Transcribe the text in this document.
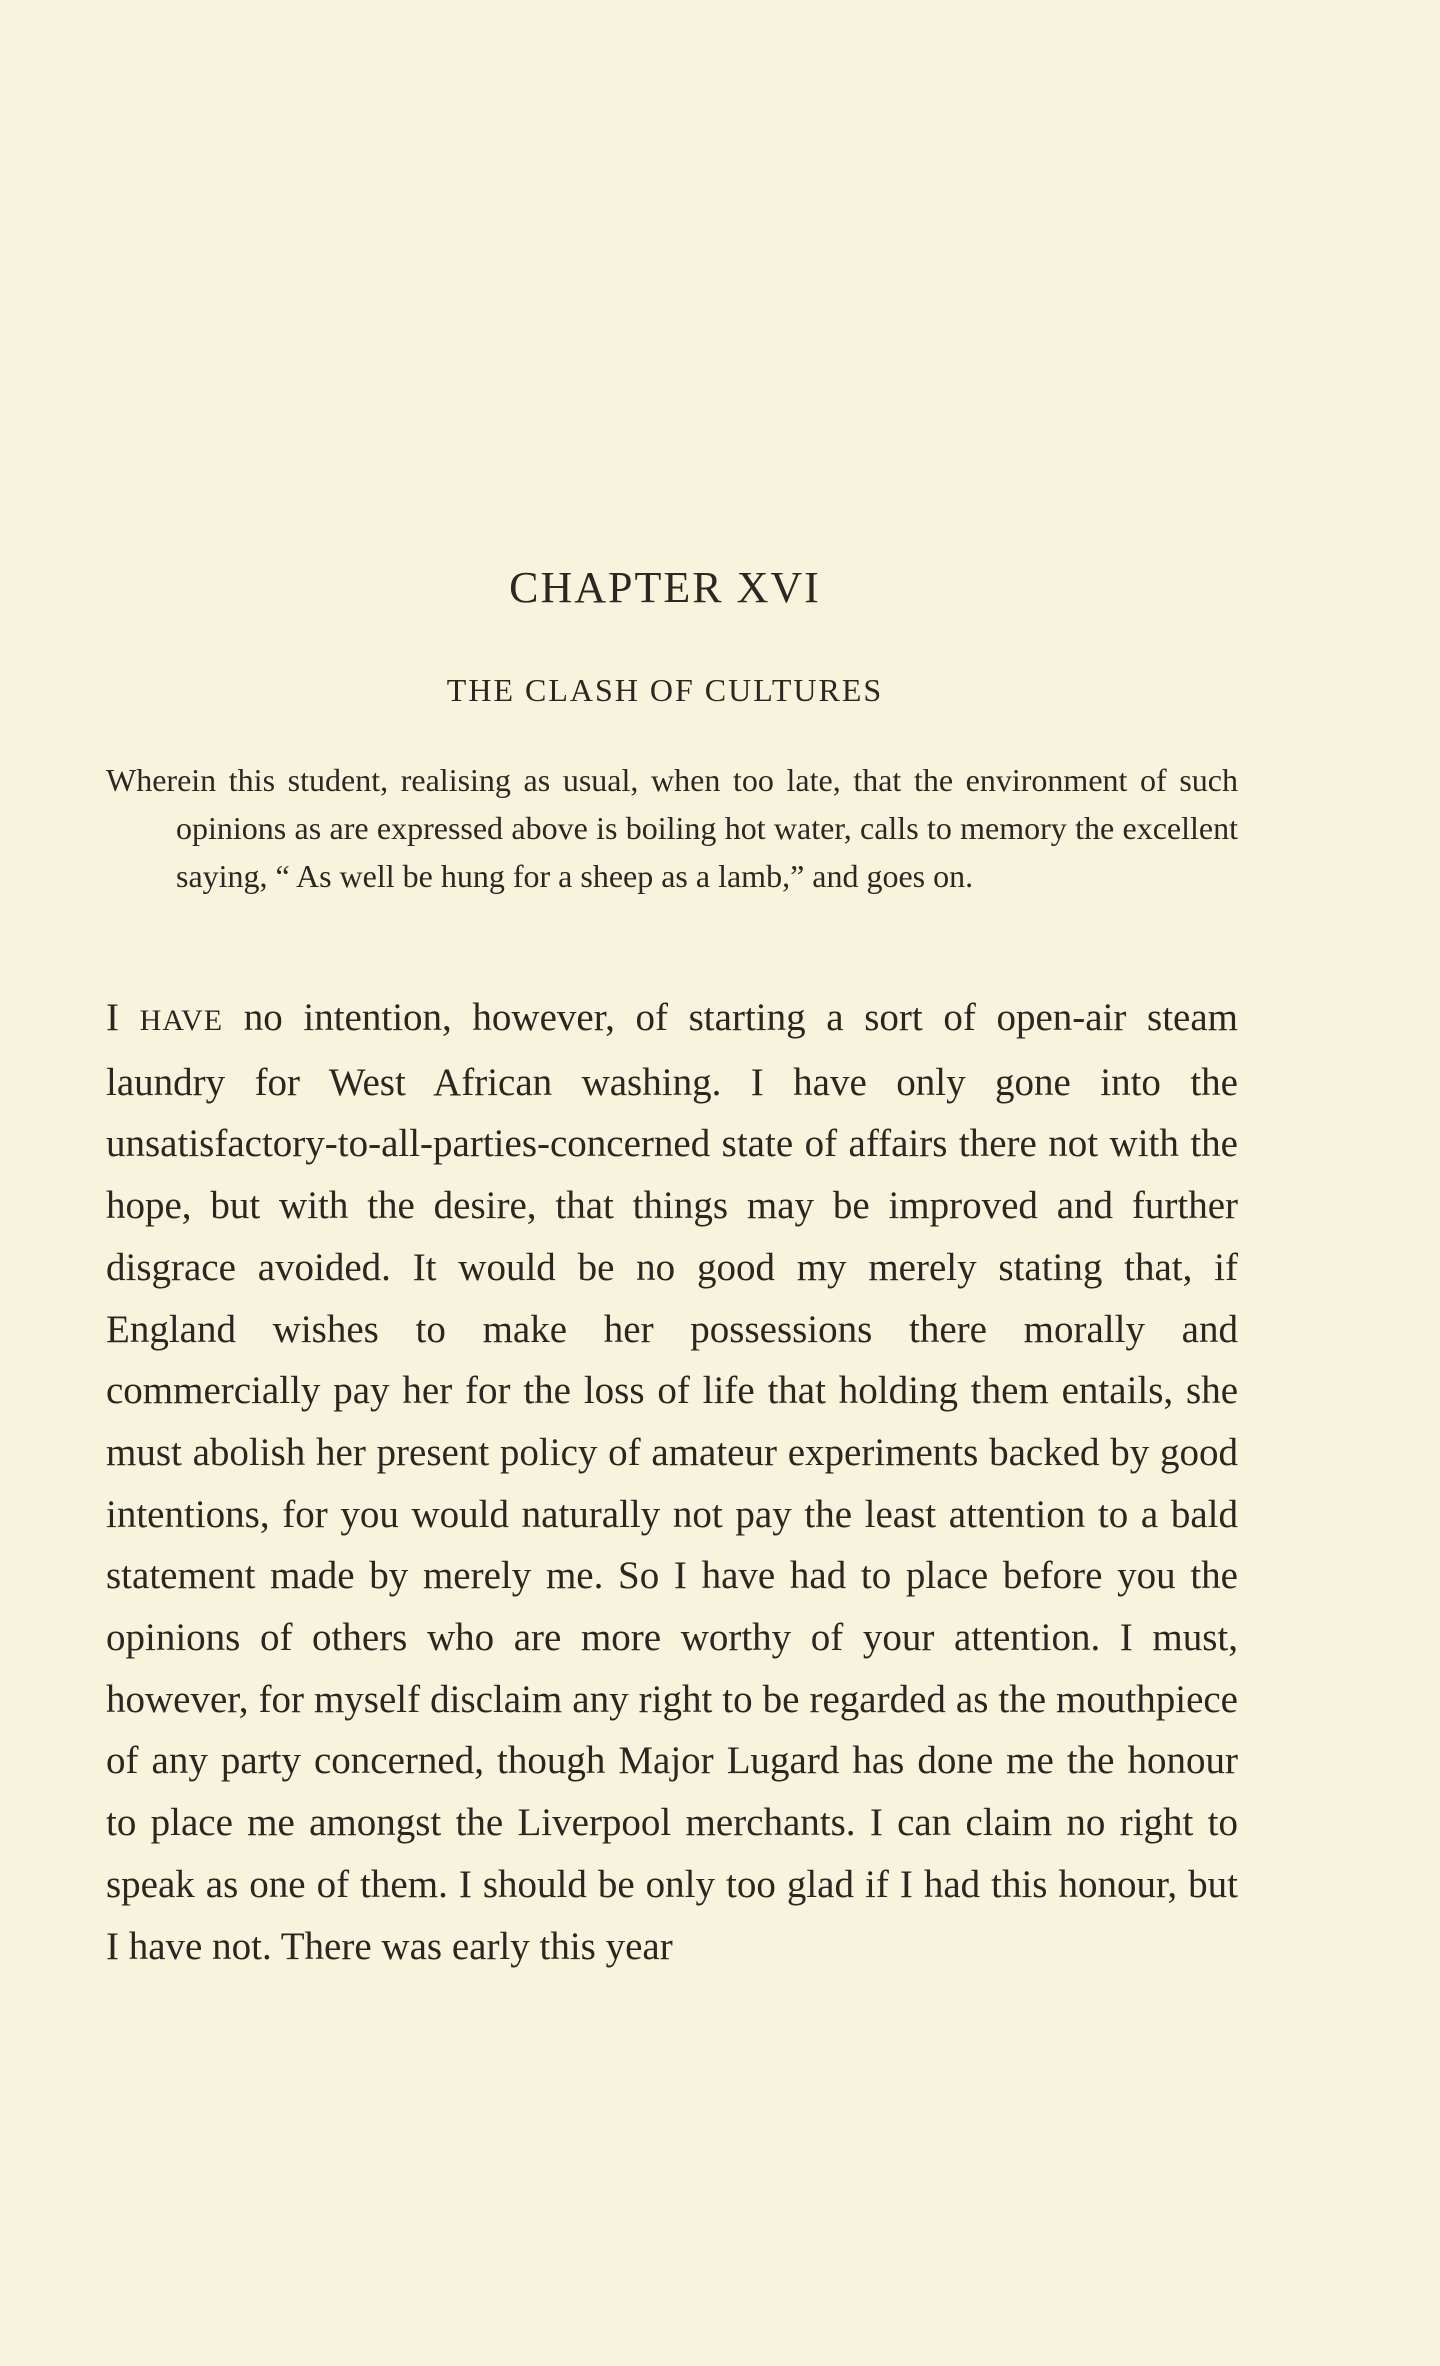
CHAPTER XVI
THE CLASH OF CULTURES
Wherein this student, realising as usual, when too late, that the environment of such opinions as are expressed above is boiling hot water, calls to memory the excellent saying, “ As well be hung for a sheep as a lamb,” and goes on.
I HAVE no intention, however, of starting a sort of open-air steam laundry for West African washing. I have only gone into the unsatisfactory-to-all-parties-concerned state of affairs there not with the hope, but with the desire, that things may be improved and further disgrace avoided. It would be no good my merely stating that, if England wishes to make her possessions there morally and commercially pay her for the loss of life that holding them entails, she must abolish her present policy of amateur experiments backed by good intentions, for you would naturally not pay the least attention to a bald statement made by merely me. So I have had to place before you the opinions of others who are more worthy of your attention. I must, however, for myself disclaim any right to be regarded as the mouthpiece of any party concerned, though Major Lugard has done me the honour to place me amongst the Liverpool merchants. I can claim no right to speak as one of them. I should be only too glad if I had this honour, but I have not. There was early this year
